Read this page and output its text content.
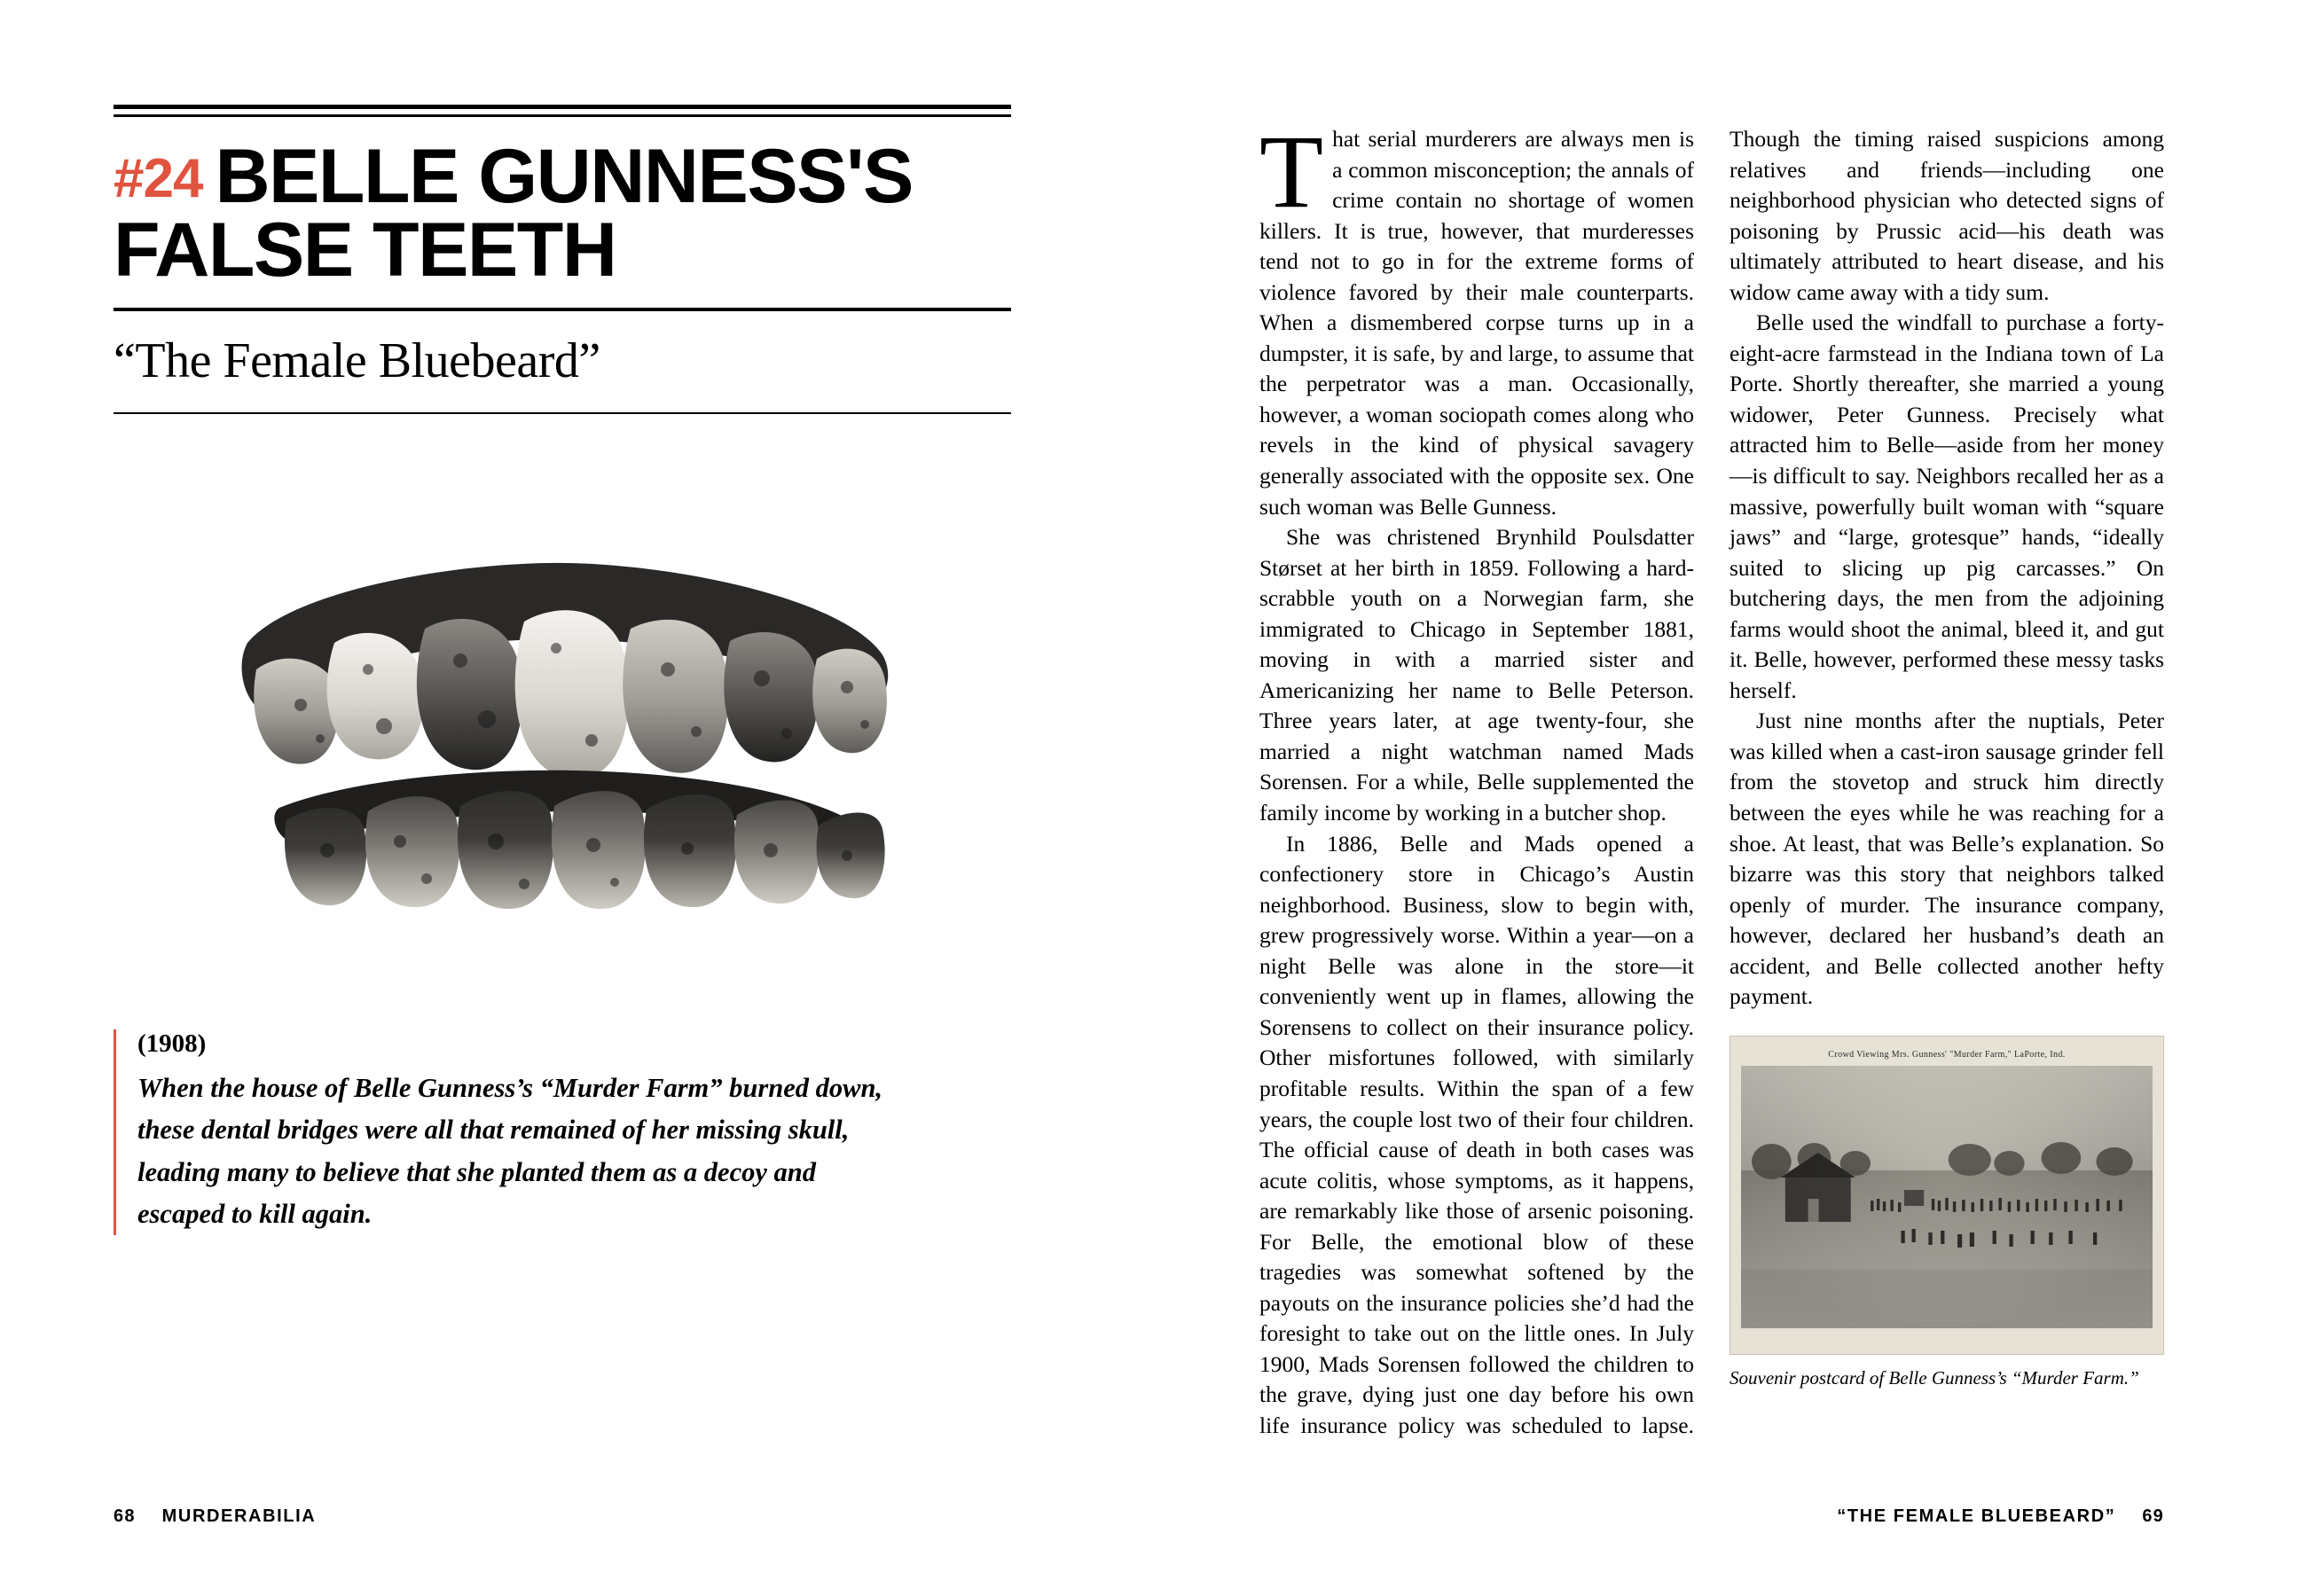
#24 BELLE GUNNESS'S
FALSE TEETH
“The Female Bluebeard”
(1908)
When the house of Belle Gunness’s “Murder Farm” burned down, these dental bridges were all that remained of her missing skull, leading many to believe that she planted them as a decoy and escaped to kill again.
68 MURDERABILIA

That serial murderers are always men is a common misconception; the annals of crime contain no shortage of women killers. It is true, however, that murderesses tend not to go in for the extreme forms of violence favored by their male counterparts. When a dismembered corpse turns up in a dumpster, it is safe, by and large, to assume that the perpetrator was a man. Occasionally, however, a woman sociopath comes along who revels in the kind of physical savagery generally associated with the opposite sex. One such woman was Belle Gunness.

She was christened Brynhild Poulsdatter Størset at her birth in 1859. Following a hard-scrabble youth on a Norwegian farm, she immigrated to Chicago in September 1881, moving in with a married sister and Americanizing her name to Belle Peterson. Three years later, at age twenty-four, she married a night watchman named Mads Sorensen. For a while, Belle supplemented the family income by working in a butcher shop.

In 1886, Belle and Mads opened a confectionery store in Chicago’s Austin neighborhood. Business, slow to begin with, grew progressively worse. Within a year—on a night Belle was alone in the store—it conveniently went up in flames, allowing the Sorensens to collect on their insurance policy. Other misfortunes followed, with similarly profitable results. Within the span of a few years, the couple lost two of their four children. The official cause of death in both cases was acute colitis, whose symptoms, as it happens, are remarkably like those of arsenic poisoning. For Belle, the emotional blow of these tragedies was somewhat softened by the payouts on the insurance policies she’d had the foresight to take out on the little ones. In July 1900, Mads Sorensen followed the children to the grave, dying just one day before his own life insurance policy was scheduled to lapse. Though the timing raised suspicions among relatives and friends—including one neighborhood physician who detected signs of poisoning by Prussic acid—his death was ultimately attributed to heart disease, and his widow came away with a tidy sum.

Belle used the windfall to purchase a forty-eight-acre farmstead in the Indiana town of La Porte. Shortly thereafter, she married a young widower, Peter Gunness. Precisely what attracted him to Belle—aside from her money—is difficult to say. Neighbors recalled her as a massive, powerfully built woman with “square jaws” and “large, grotesque” hands, “ideally suited to slicing up pig carcasses.” On butchering days, the men from the adjoining farms would shoot the animal, bleed it, and gut it. Belle, however, performed these messy tasks herself.

Just nine months after the nuptials, Peter was killed when a cast-iron sausage grinder fell from the stovetop and struck him directly between the eyes while he was reaching for a shoe. At least, that was Belle’s explanation. So bizarre was this story that neighbors talked openly of murder. The insurance company, however, declared her husband’s death an accident, and Belle collected another hefty payment.

Crowd Viewing Mrs. Gunness' "Murder Farm," LaPorte, Ind.
Souvenir postcard of Belle Gunness’s “Murder Farm.”
“THE FEMALE BLUEBEARD” 69
